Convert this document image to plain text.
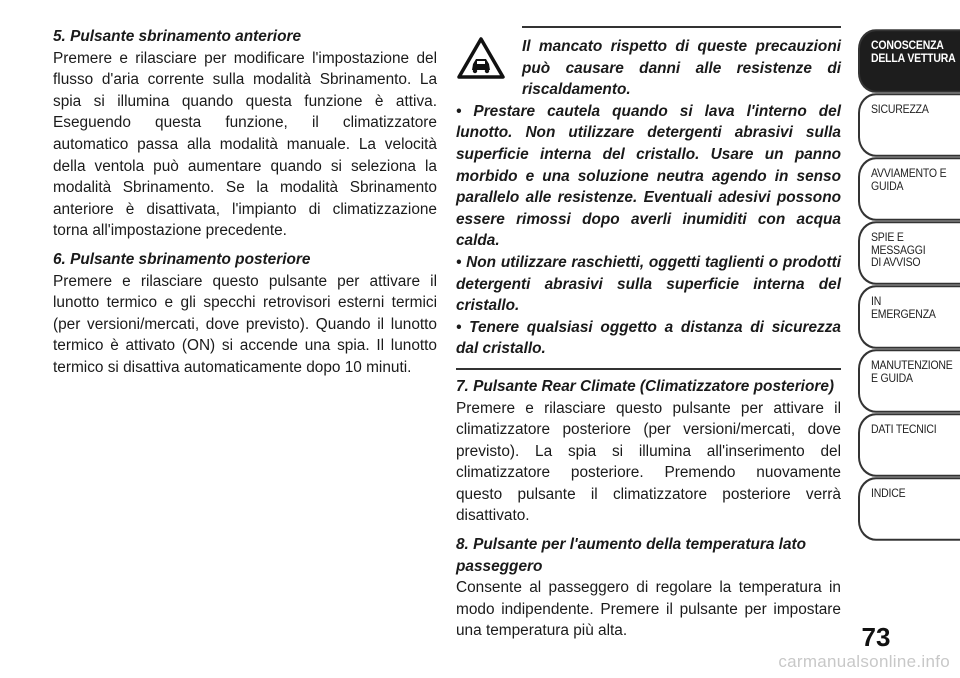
5. Pulsante sbrinamento anteriore

Premere e rilasciare per modificare l'impostazione del flusso d'aria corrente sulla modalità Sbrinamento. La spia si illumina quando questa funzione è attiva. Eseguendo questa funzione, il climatizzatore automatico passa alla modalità manuale. La velocità della ventola può aumentare quando si seleziona la modalità Sbrinamento. Se la modalità Sbrinamento anteriore è disattivata, l'impianto di climatizzazione torna all'impostazione precedente.

6. Pulsante sbrinamento posteriore

Premere e rilasciare questo pulsante per attivare il lunotto termico e gli specchi retrovisori esterni termici (per versioni/mercati, dove previsto). Quando il lunotto termico è attivato (ON) si accende una spia. Il lunotto termico si disattiva automaticamente dopo 10 minuti.

Il mancato rispetto di queste precauzioni può causare danni alle resistenze di riscaldamento.

• Prestare cautela quando si lava l'interno del lunotto. Non utilizzare detergenti abrasivi sulla superficie interna del cristallo. Usare un panno morbido e una soluzione neutra agendo in senso parallelo alle resistenze. Eventuali adesivi possono essere rimossi dopo averli inumiditi con acqua calda.

• Non utilizzare raschietti, oggetti taglienti o prodotti detergenti abrasivi sulla superficie interna del cristallo.

• Tenere qualsiasi oggetto a distanza di sicurezza dal cristallo.

7. Pulsante Rear Climate (Climatizzatore posteriore)

Premere e rilasciare questo pulsante per attivare il climatizzatore posteriore (per versioni/mercati, dove previsto). La spia si illumina all'inserimento del climatizzatore posteriore. Premendo nuovamente questo pulsante il climatizzatore posteriore verrà disattivato.

8. Pulsante per l'aumento della temperatura lato passeggero

Consente al passeggero di regolare la temperatura in modo indipendente. Premere il pulsante per impostare una temperatura più alta.

CONOSCENZA
DELLA VETTURA
SICUREZZA
AVVIAMENTO E
GUIDA
SPIE E
MESSAGGI
DI AVVISO
IN
EMERGENZA
MANUTENZIONE
E GUIDA
DATI TECNICI
INDICE
73
carmanualsonline.info
